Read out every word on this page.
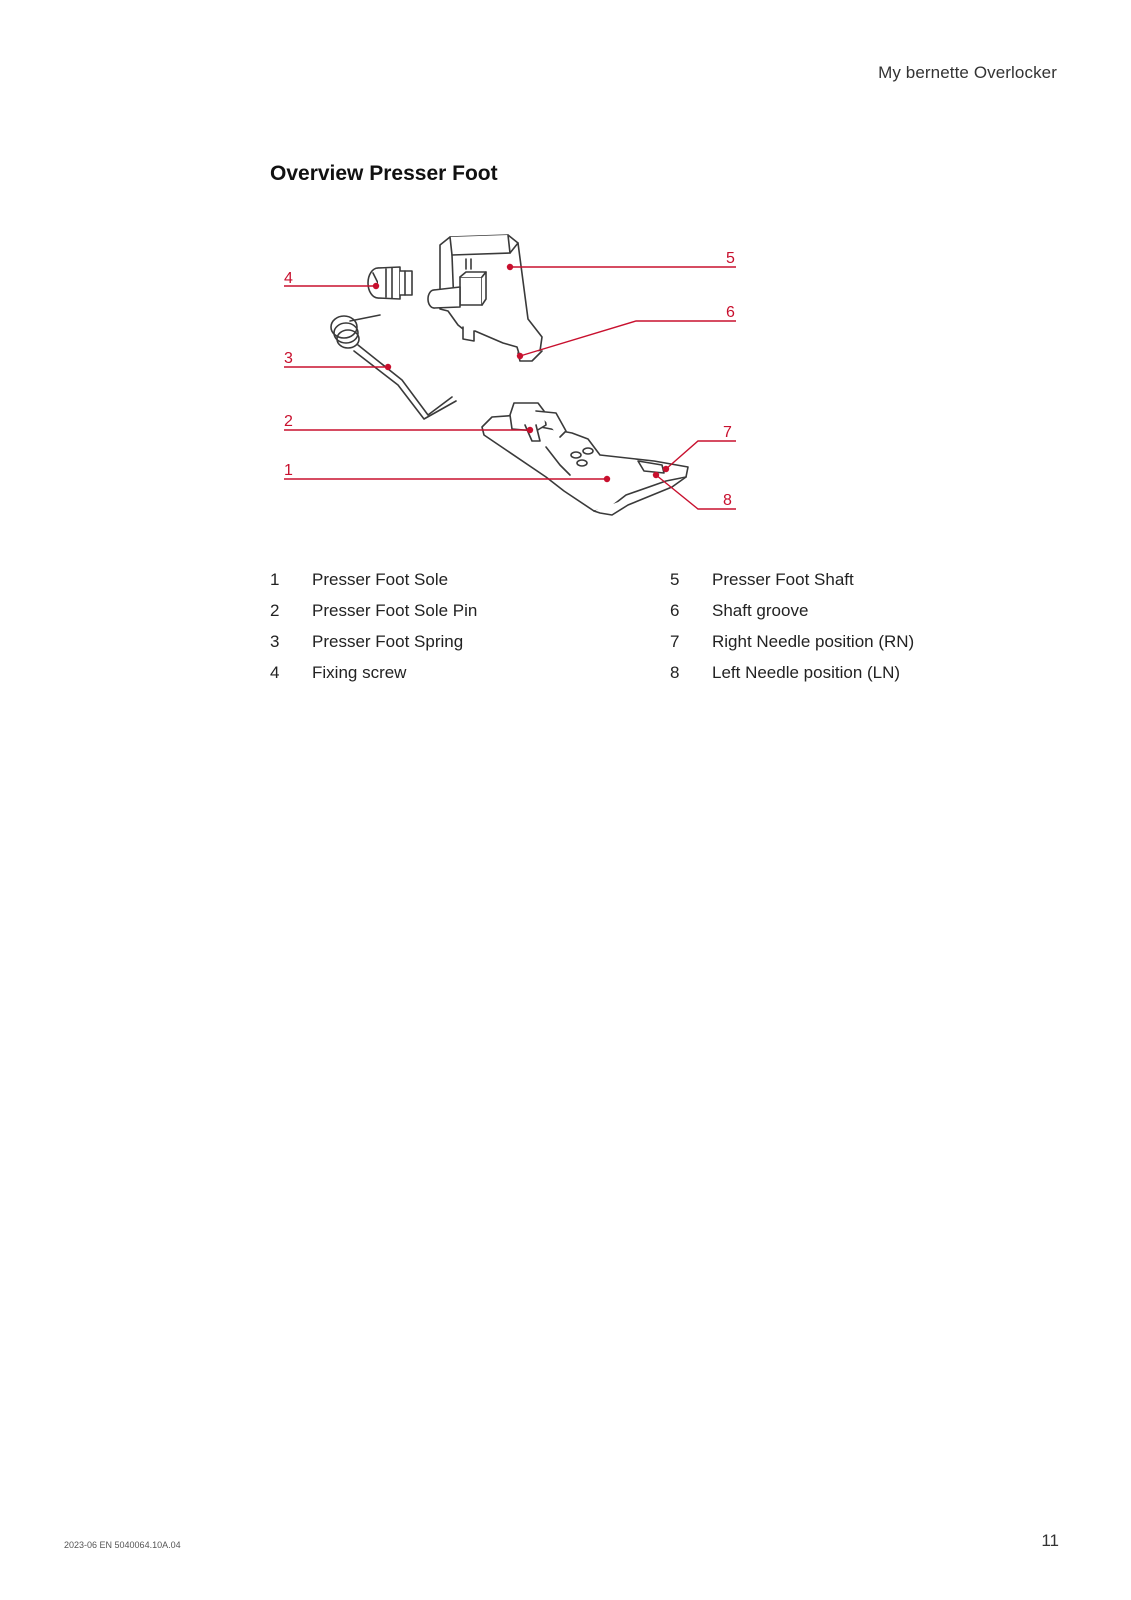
My bernette Overlocker
Overview Presser Foot
1
2
3
4
5
6
7
8
1	Presser Foot Sole
2	Presser Foot Sole Pin
3	Presser Foot Spring
4	Fixing screw
5	Presser Foot Shaft
6	Shaft groove
7	Right Needle position (RN)
8	Left Needle position (LN)
2023-06 EN 5040064.10A.04	11
